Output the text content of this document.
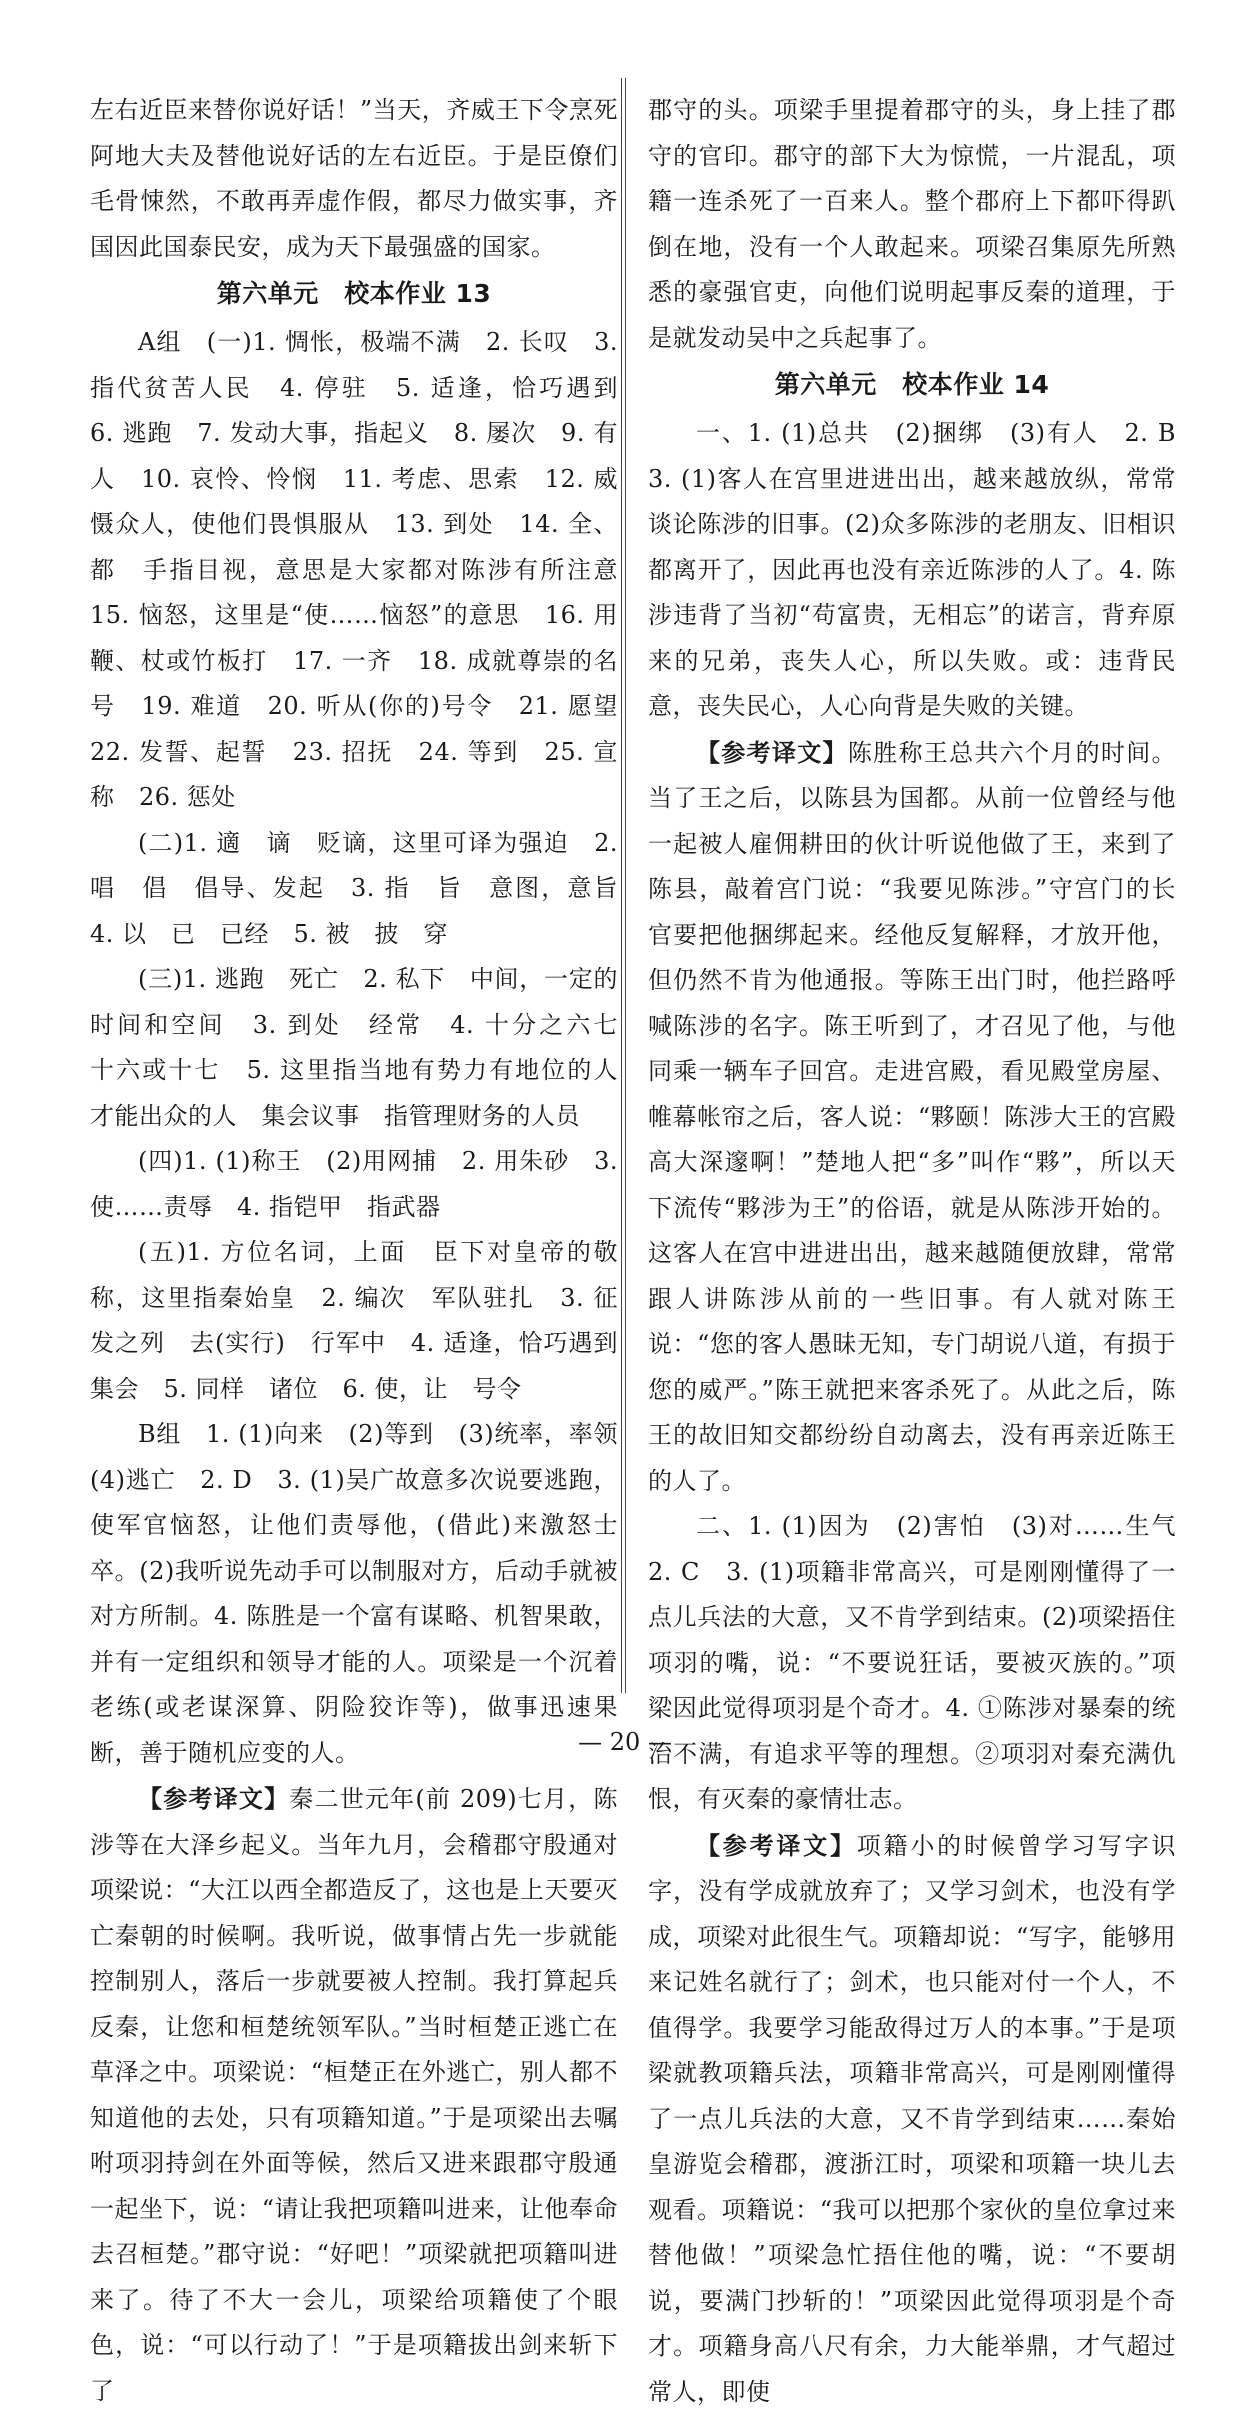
左右近臣来替你说好话！”当天，齐威王下令烹死阿地大夫及替他说好话的左右近臣。于是臣僚们毛骨悚然，不敢再弄虚作假，都尽力做实事，齐国因此国泰民安，成为天下最强盛的国家。

第六单元　校本作业 13

A组　(一)1. 惆怅，极端不满　2. 长叹　3. 指代贫苦人民　4. 停驻　5. 适逢，恰巧遇到　6. 逃跑　7. 发动大事，指起义　8. 屡次　9. 有人　10. 哀怜、怜悯　11. 考虑、思索　12. 威慑众人，使他们畏惧服从　13. 到处　14. 全、都　手指目视，意思是大家都对陈涉有所注意　15. 恼怒，这里是“使……恼怒”的意思　16. 用鞭、杖或竹板打　17. 一齐　18. 成就尊崇的名号　19. 难道　20. 听从(你的)号令　21. 愿望　22. 发誓、起誓　23. 招抚　24. 等到　25. 宣称　26. 惩处

(二)1. 適　谪　贬谪，这里可译为强迫　2. 唱　倡　倡导、发起　3. 指　旨　意图，意旨　4. 以　已　已经　5. 被　披　穿

(三)1. 逃跑　死亡　2. 私下　中间，一定的时间和空间　3. 到处　经常　4. 十分之六七　十六或十七　5. 这里指当地有势力有地位的人　才能出众的人　集会议事　指管理财务的人员

(四)1. (1)称王　(2)用网捕　2. 用朱砂　3. 使……责辱　4. 指铠甲　指武器

(五)1. 方位名词，上面　臣下对皇帝的敬称，这里指秦始皇　2. 编次　军队驻扎　3. 征发之列　去(实行)　行军中　4. 适逢，恰巧遇到　集会　5. 同样　诸位　6. 使，让　号令

B组　1. (1)向来　(2)等到　(3)统率，率领　(4)逃亡　2. D　3. (1)吴广故意多次说要逃跑，使军官恼怒，让他们责辱他，(借此)来激怒士卒。(2)我听说先动手可以制服对方，后动手就被对方所制。4. 陈胜是一个富有谋略、机智果敢，并有一定组织和领导才能的人。项梁是一个沉着老练(或老谋深算、阴险狡诈等)，做事迅速果断，善于随机应变的人。

【参考译文】秦二世元年(前 209)七月，陈涉等在大泽乡起义。当年九月，会稽郡守殷通对项梁说：“大江以西全都造反了，这也是上天要灭亡秦朝的时候啊。我听说，做事情占先一步就能控制别人，落后一步就要被人控制。我打算起兵反秦，让您和桓楚统领军队。”当时桓楚正逃亡在草泽之中。项梁说：“桓楚正在外逃亡，别人都不知道他的去处，只有项籍知道。”于是项梁出去嘱咐项羽持剑在外面等候，然后又进来跟郡守殷通一起坐下，说：“请让我把项籍叫进来，让他奉命去召桓楚。”郡守说：“好吧！”项梁就把项籍叫进来了。待了不大一会儿，项梁给项籍使了个眼色，说：“可以行动了！”于是项籍拔出剑来斩下了

郡守的头。项梁手里提着郡守的头，身上挂了郡守的官印。郡守的部下大为惊慌，一片混乱，项籍一连杀死了一百来人。整个郡府上下都吓得趴倒在地，没有一个人敢起来。项梁召集原先所熟悉的豪强官吏，向他们说明起事反秦的道理，于是就发动吴中之兵起事了。

第六单元　校本作业 14

一、1. (1)总共　(2)捆绑　(3)有人　2. B　3. (1)客人在宫里进进出出，越来越放纵，常常谈论陈涉的旧事。(2)众多陈涉的老朋友、旧相识都离开了，因此再也没有亲近陈涉的人了。4. 陈涉违背了当初“苟富贵，无相忘”的诺言，背弃原来的兄弟，丧失人心，所以失败。或：违背民意，丧失民心，人心向背是失败的关键。

【参考译文】陈胜称王总共六个月的时间。当了王之后，以陈县为国都。从前一位曾经与他一起被人雇佣耕田的伙计听说他做了王，来到了陈县，敲着宫门说：“我要见陈涉。”守宫门的长官要把他捆绑起来。经他反复解释，才放开他，但仍然不肯为他通报。等陈王出门时，他拦路呼喊陈涉的名字。陈王听到了，才召见了他，与他同乘一辆车子回宫。走进宫殿，看见殿堂房屋、帷幕帐帘之后，客人说：“夥颐！陈涉大王的宫殿高大深邃啊！”楚地人把“多”叫作“夥”，所以天下流传“夥涉为王”的俗语，就是从陈涉开始的。这客人在宫中进进出出，越来越随便放肆，常常跟人讲陈涉从前的一些旧事。有人就对陈王说：“您的客人愚昧无知，专门胡说八道，有损于您的威严。”陈王就把来客杀死了。从此之后，陈王的故旧知交都纷纷自动离去，没有再亲近陈王的人了。

二、1. (1)因为　(2)害怕　(3)对……生气　2. C　3. (1)项籍非常高兴，可是刚刚懂得了一点儿兵法的大意，又不肯学到结束。(2)项梁捂住项羽的嘴，说：“不要说狂话，要被灭族的。”项梁因此觉得项羽是个奇才。4. ①陈涉对暴秦的统治不满，有追求平等的理想。②项羽对秦充满仇恨，有灭秦的豪情壮志。

【参考译文】项籍小的时候曾学习写字识字，没有学成就放弃了；又学习剑术，也没有学成，项梁对此很生气。项籍却说：“写字，能够用来记姓名就行了；剑术，也只能对付一个人，不值得学。我要学习能敌得过万人的本事。”于是项梁就教项籍兵法，项籍非常高兴，可是刚刚懂得了一点儿兵法的大意，又不肯学到结束……秦始皇游览会稽郡，渡浙江时，项梁和项籍一块儿去观看。项籍说：“我可以把那个家伙的皇位拿过来替他做！”项梁急忙捂住他的嘴，说：“不要胡说，要满门抄斩的！”项梁因此觉得项羽是个奇才。项籍身高八尺有余，力大能举鼎，才气超过常人，即使

— 20 —
